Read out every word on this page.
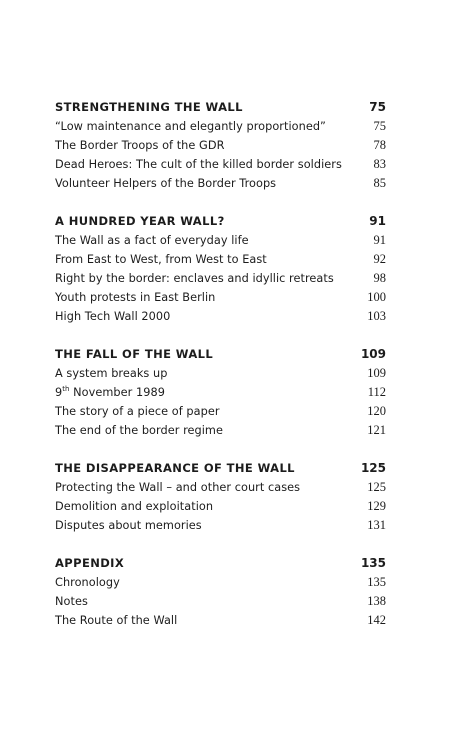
STRENGTHENING THE WALL	75
“Low maintenance and elegantly proportioned”	75
The Border Troops of the GDR	78
Dead Heroes: The cult of the killed border soldiers	83
Volunteer Helpers of the Border Troops	85
A HUNDRED YEAR WALL?	91
The Wall as a fact of everyday life	91
From East to West, from West to East	92
Right by the border: enclaves and idyllic retreats	98
Youth protests in East Berlin	100
High Tech Wall 2000	103
THE FALL OF THE WALL	109
A system breaks up	109
9th November 1989	112
The story of a piece of paper	120
The end of the border regime	121
THE DISAPPEARANCE OF THE WALL	125
Protecting the Wall – and other court cases	125
Demolition and exploitation	129
Disputes about memories	131
APPENDIX	135
Chronology	135
Notes	138
The Route of the Wall	142
